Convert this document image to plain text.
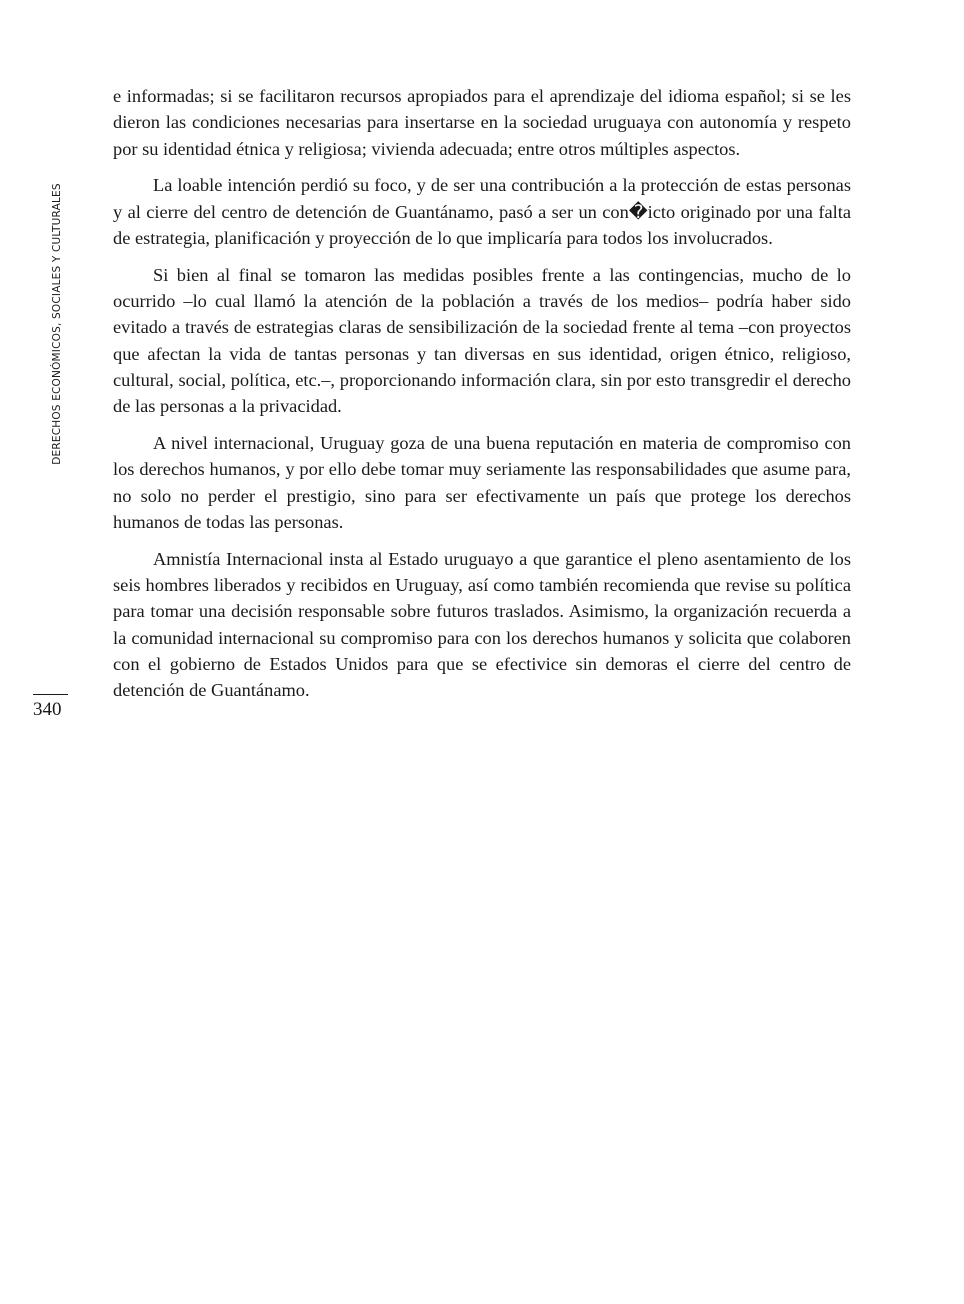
DERECHOS ECONÓMICOS, SOCIALES Y CULTURALES
340

e informadas; si se facilitaron recursos apropiados para el aprendizaje del idioma español; si se les dieron las condiciones necesarias para insertarse en la sociedad uruguaya con autonomía y respeto por su identidad étnica y religiosa; vivienda adecuada; entre otros múltiples aspectos.

La loable intención perdió su foco, y de ser una contribución a la protección de estas personas y al cierre del centro de detención de Guantánamo, pasó a ser un con�icto originado por una falta de estrategia, planificación y proyección de lo que implicaría para todos los involucrados.

Si bien al final se tomaron las medidas posibles frente a las contingencias, mucho de lo ocurrido –lo cual llamó la atención de la población a través de los medios– podría haber sido evitado a través de estrategias claras de sensibilización de la sociedad frente al tema –con proyectos que afectan la vida de tantas personas y tan diversas en sus identidad, origen étnico, religioso, cultural, social, política, etc.–, proporcionando información clara, sin por esto transgredir el derecho de las personas a la privacidad.

A nivel internacional, Uruguay goza de una buena reputación en materia de compromiso con los derechos humanos, y por ello debe tomar muy seriamente las responsabilidades que asume para, no solo no perder el prestigio, sino para ser efectivamente un país que protege los derechos humanos de todas las personas.

Amnistía Internacional insta al Estado uruguayo a que garantice el pleno asentamiento de los seis hombres liberados y recibidos en Uruguay, así como también recomienda que revise su política para tomar una decisión responsable sobre futuros traslados. Asimismo, la organización recuerda a la comunidad internacional su compromiso para con los derechos humanos y solicita que colaboren con el gobierno de Estados Unidos para que se efectivice sin demoras el cierre del centro de detención de Guantánamo.
